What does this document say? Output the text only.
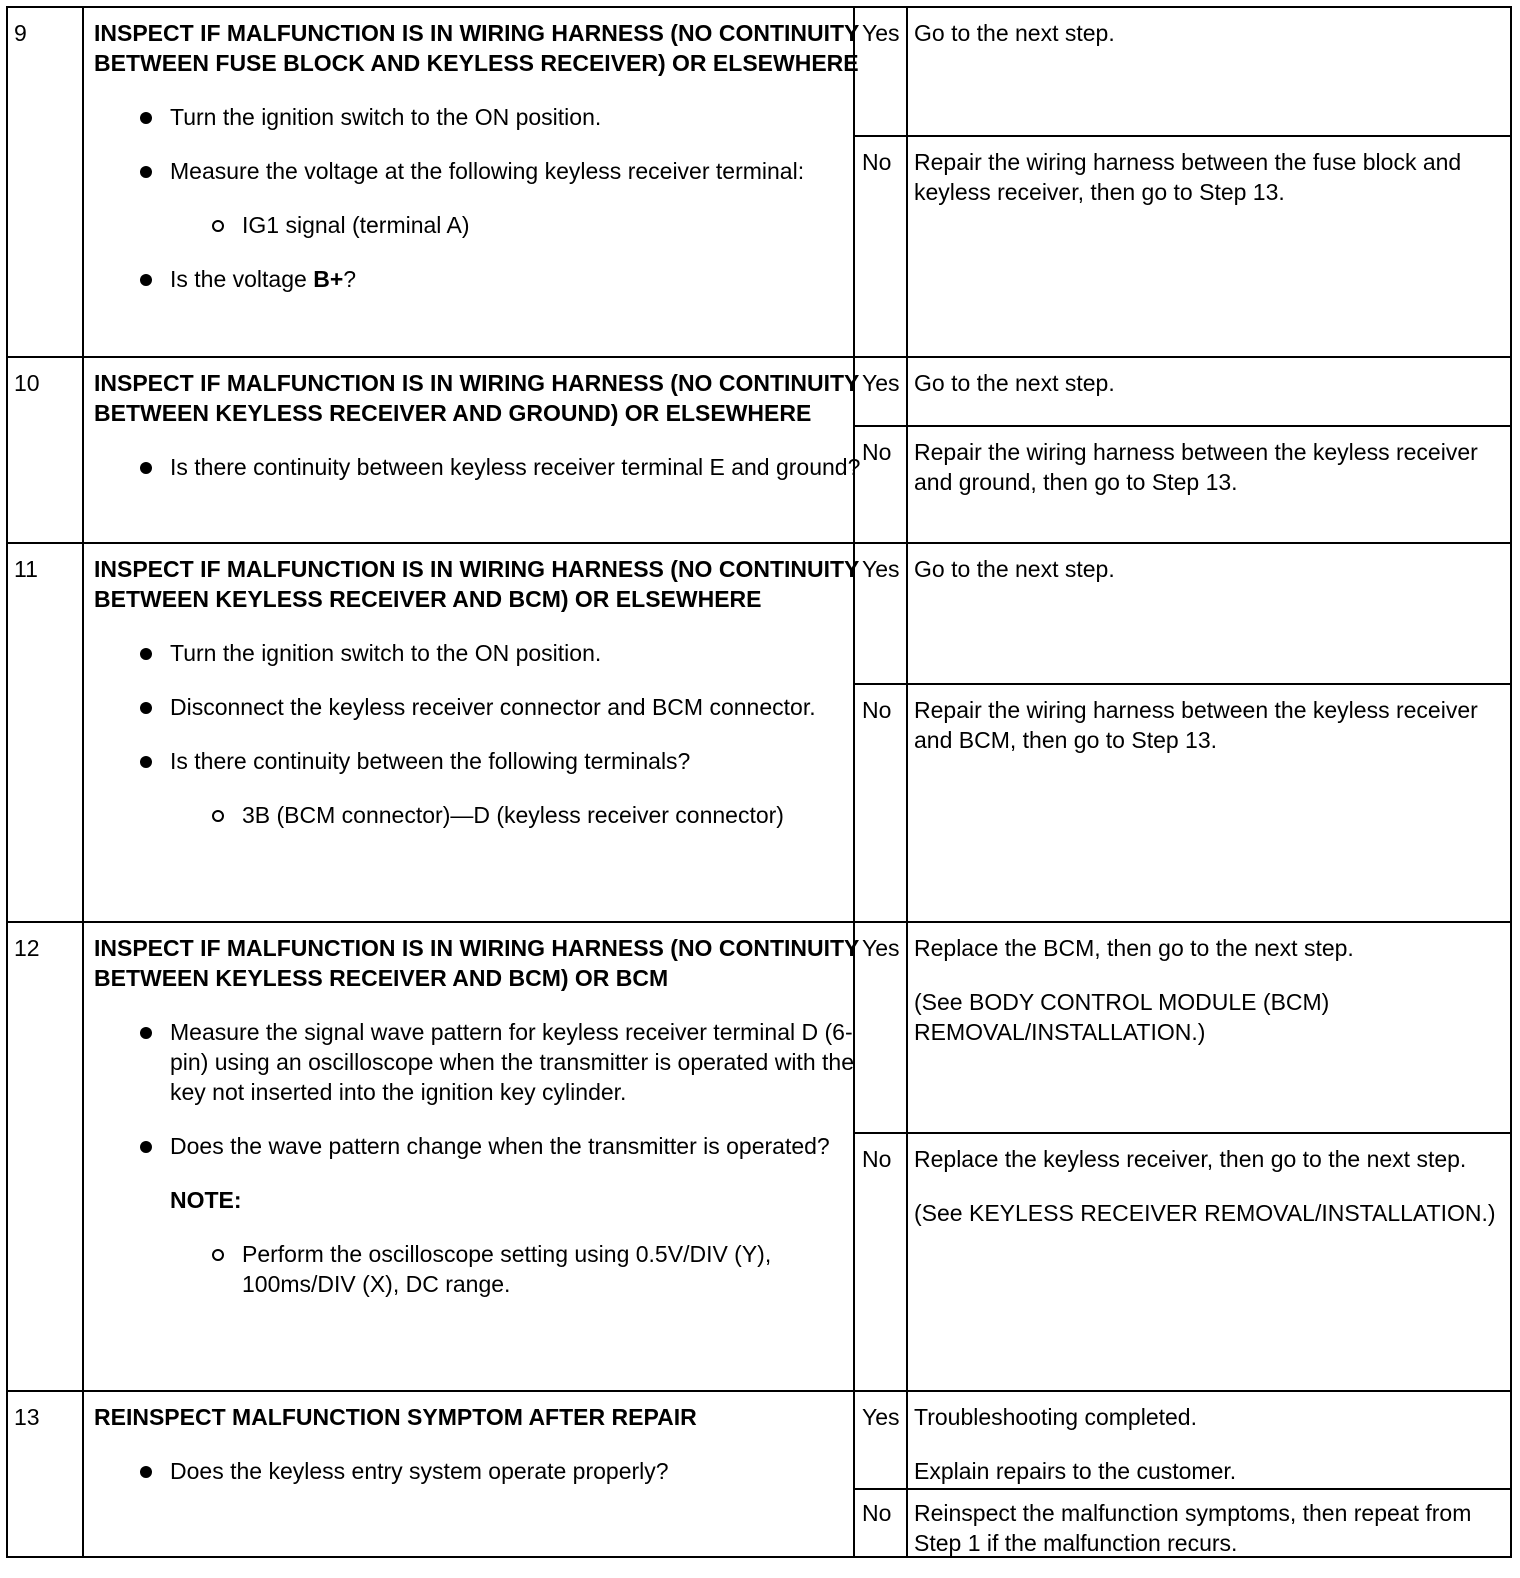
9	INSPECT IF MALFUNCTION IS IN WIRING HARNESS (NO CONTINUITY BETWEEN FUSE BLOCK AND KEYLESS RECEIVER) OR ELSEWHERE

Turn the ignition switch to the ON position.
Measure the voltage at the following keyless receiver terminal:
IG1 signal (terminal A)
Is the voltage B+?
Yes Go to the next step.

No Repair the wiring harness between the fuse block and keyless receiver, then go to Step 13.

10 INSPECT IF MALFUNCTION IS IN WIRING HARNESS (NO CONTINUITY BETWEEN KEYLESS RECEIVER AND GROUND) OR ELSEWHERE

Is there continuity between keyless receiver terminal E and ground?
Yes Go to the next step.

No Repair the wiring harness between the keyless receiver and ground, then go to Step 13.

11 INSPECT IF MALFUNCTION IS IN WIRING HARNESS (NO CONTINUITY BETWEEN KEYLESS RECEIVER AND BCM) OR ELSEWHERE

Turn the ignition switch to the ON position.
Disconnect the keyless receiver connector and BCM connector.
Is there continuity between the following terminals?
3B (BCM connector)—D (keyless receiver connector)
Yes Go to the next step.

No Repair the wiring harness between the keyless receiver and BCM, then go to Step 13.

12 INSPECT IF MALFUNCTION IS IN WIRING HARNESS (NO CONTINUITY BETWEEN KEYLESS RECEIVER AND BCM) OR BCM

Measure the signal wave pattern for keyless receiver terminal D (6-pin) using an oscilloscope when the transmitter is operated with the key not inserted into the ignition key cylinder.
Does the wave pattern change when the transmitter is operated?
NOTE:
Perform the oscilloscope setting using 0.5V/DIV (Y), 100ms/DIV (X), DC range.
Yes Replace the BCM, then go to the next step.

(See BODY CONTROL MODULE (BCM) REMOVAL/INSTALLATION.)

No Replace the keyless receiver, then go to the next step.

(See KEYLESS RECEIVER REMOVAL/INSTALLATION.)

13 REINSPECT MALFUNCTION SYMPTOM AFTER REPAIR

Does the keyless entry system operate properly?
Yes Troubleshooting completed.

Explain repairs to the customer.

No Reinspect the malfunction symptoms, then repeat from Step 1 if the malfunction recurs.
